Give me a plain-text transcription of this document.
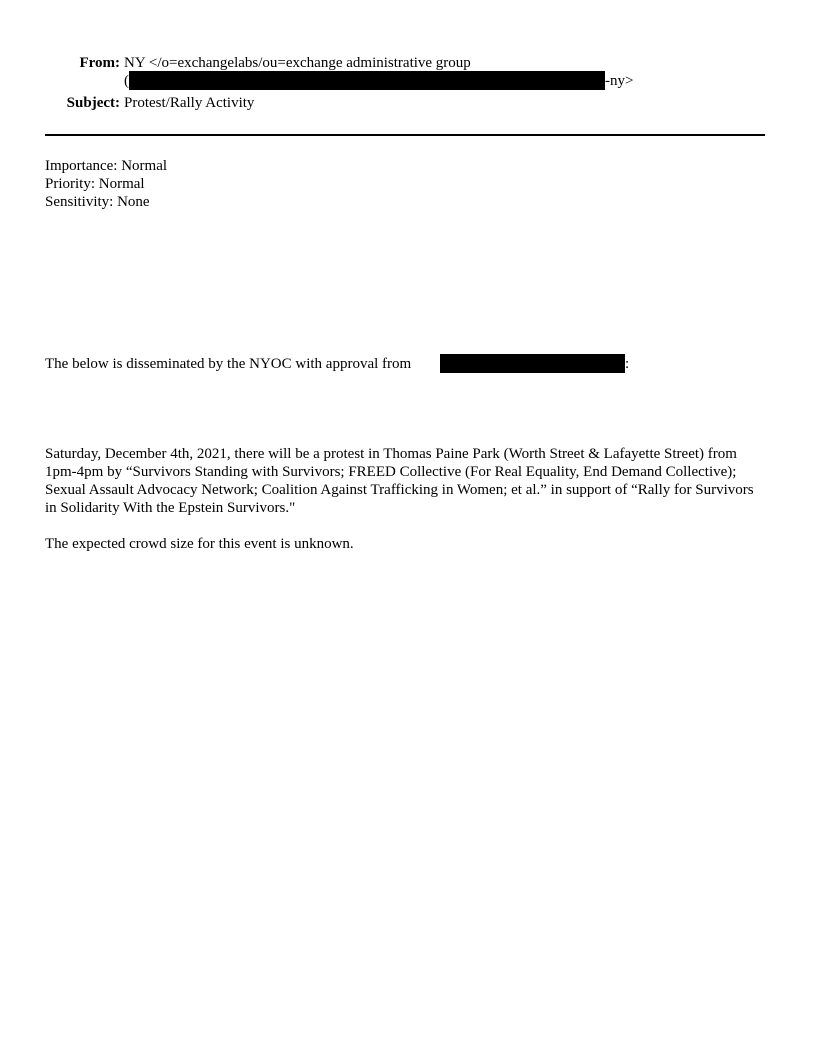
From: NY </o=exchangelabs/ou=exchange administrative group
(	-ny>
Subject: Protest/Rally Activity
Importance: Normal
Priority: Normal
Sensitivity: None
The below is disseminated by the NYOC with approval from	:
Saturday, December 4th, 2021, there will be a protest in Thomas Paine Park (Worth Street & Lafayette Street) from 1pm-4pm by “Survivors Standing with Survivors; FREED Collective (For Real Equality, End Demand Collective); Sexual Assault Advocacy Network; Coalition Against Trafficking in Women; et al.” in support of “Rally for Survivors in Solidarity With the Epstein Survivors."
The expected crowd size for this event is unknown.
